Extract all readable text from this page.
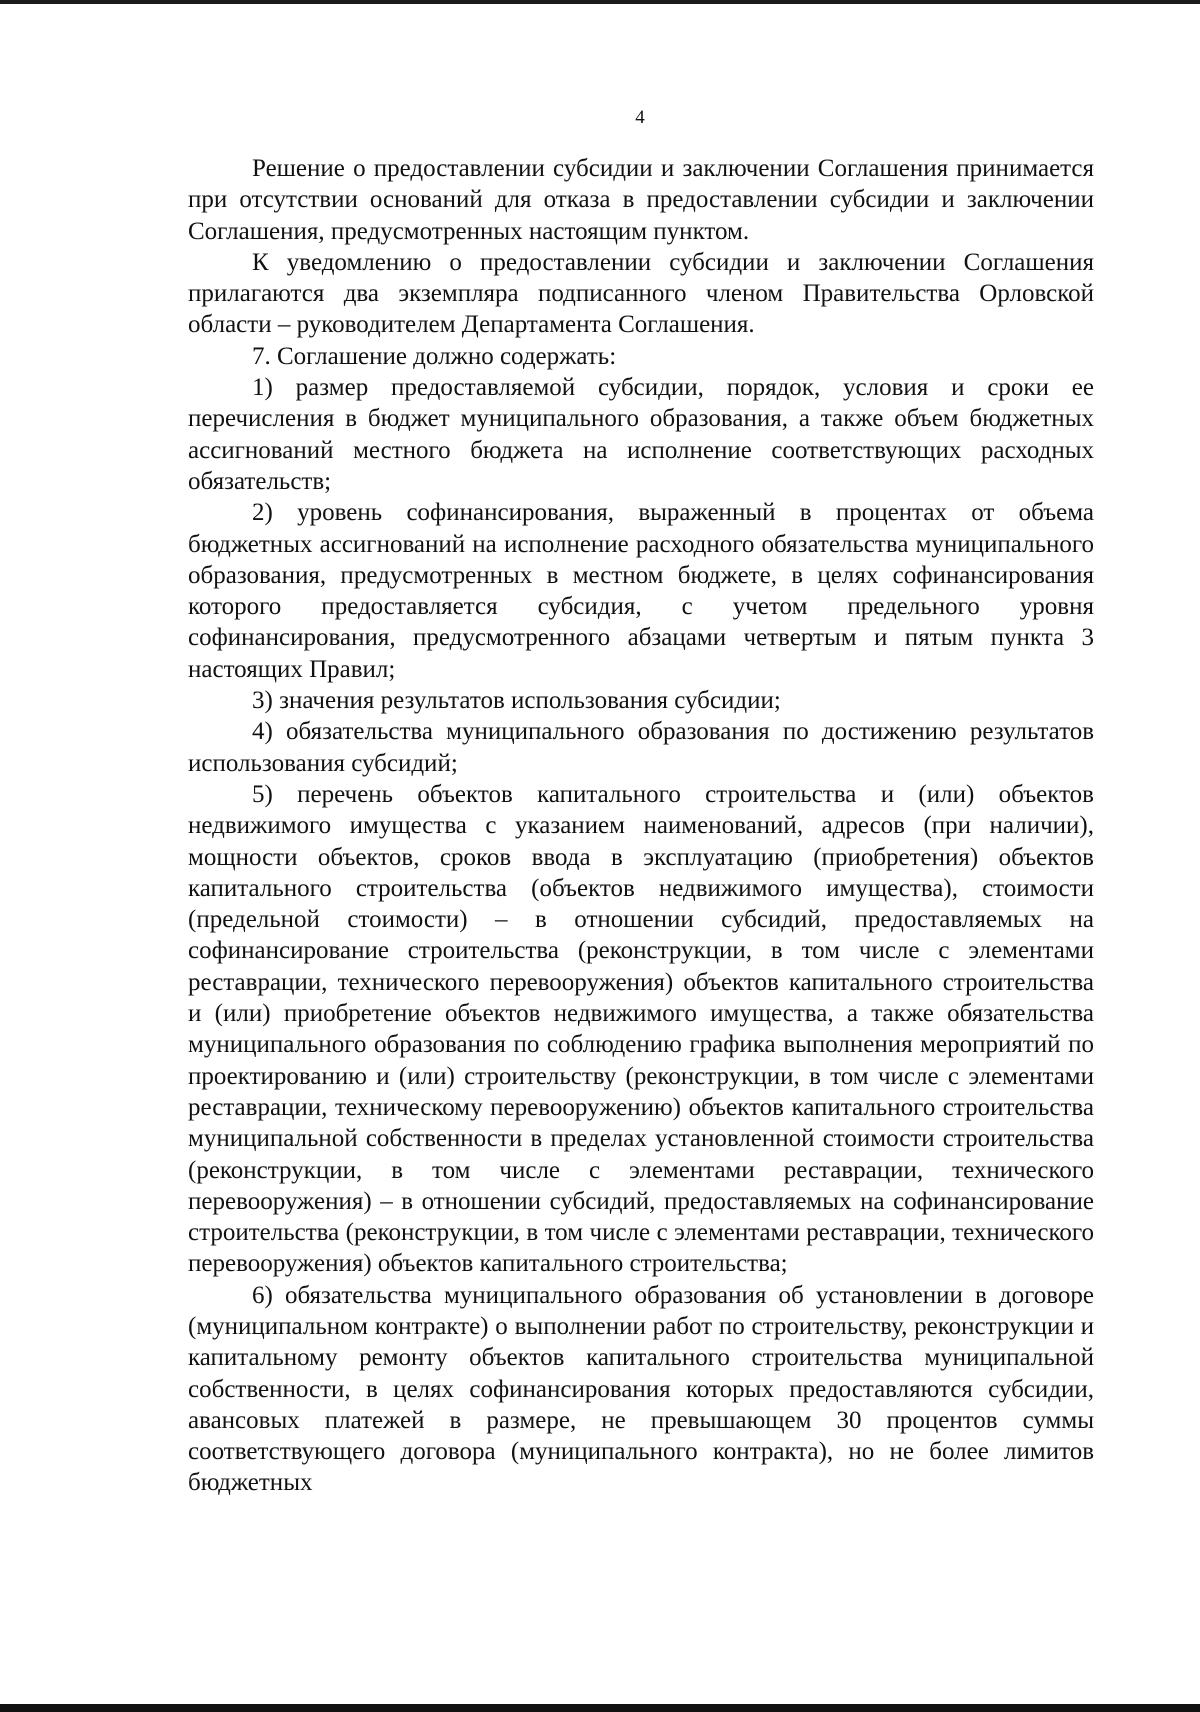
4

Решение о предоставлении субсидии и заключении Соглашения принимается при отсутствии оснований для отказа в предоставлении субсидии и заключении Соглашения, предусмотренных настоящим пунктом.

К уведомлению о предоставлении субсидии и заключении Соглашения прилагаются два экземпляра подписанного членом Правительства Орловской области – руководителем Департамента Соглашения.

7. Соглашение должно содержать:

1) размер предоставляемой субсидии, порядок, условия и сроки ее перечисления в бюджет муниципального образования, а также объем бюджетных ассигнований местного бюджета на исполнение соответствующих расходных обязательств;

2) уровень софинансирования, выраженный в процентах от объема бюджетных ассигнований на исполнение расходного обязательства муниципального образования, предусмотренных в местном бюджете, в целях софинансирования которого предоставляется субсидия, с учетом предельного уровня софинансирования, предусмотренного абзацами четвертым и пятым пункта 3 настоящих Правил;

3) значения результатов использования субсидии;

4) обязательства муниципального образования по достижению результатов использования субсидий;

5) перечень объектов капитального строительства и (или) объектов недвижимого имущества с указанием наименований, адресов (при наличии), мощности объектов, сроков ввода в эксплуатацию (приобретения) объектов капитального строительства (объектов недвижимого имущества), стоимости (предельной стоимости) – в отношении субсидий, предоставляемых на софинансирование строительства (реконструкции, в том числе с элементами реставрации, технического перевооружения) объектов капитального строительства и (или) приобретение объектов недвижимого имущества, а также обязательства муниципального образования по соблюдению графика выполнения мероприятий по проектированию и (или) строительству (реконструкции, в том числе с элементами реставрации, техническому перевооружению) объектов капитального строительства муниципальной собственности в пределах установленной стоимости строительства (реконструкции, в том числе с элементами реставрации, технического перевооружения) – в отношении субсидий, предоставляемых на софинансирование строительства (реконструкции, в том числе с элементами реставрации, технического перевооружения) объектов капитального строительства;

6) обязательства муниципального образования об установлении в договоре (муниципальном контракте) о выполнении работ по строительству, реконструкции и капитальному ремонту объектов капитального строительства муниципальной собственности, в целях софинансирования которых предоставляются субсидии, авансовых платежей в размере, не превышающем 30 процентов суммы соответствующего договора (муниципального контракта), но не более лимитов бюджетных
